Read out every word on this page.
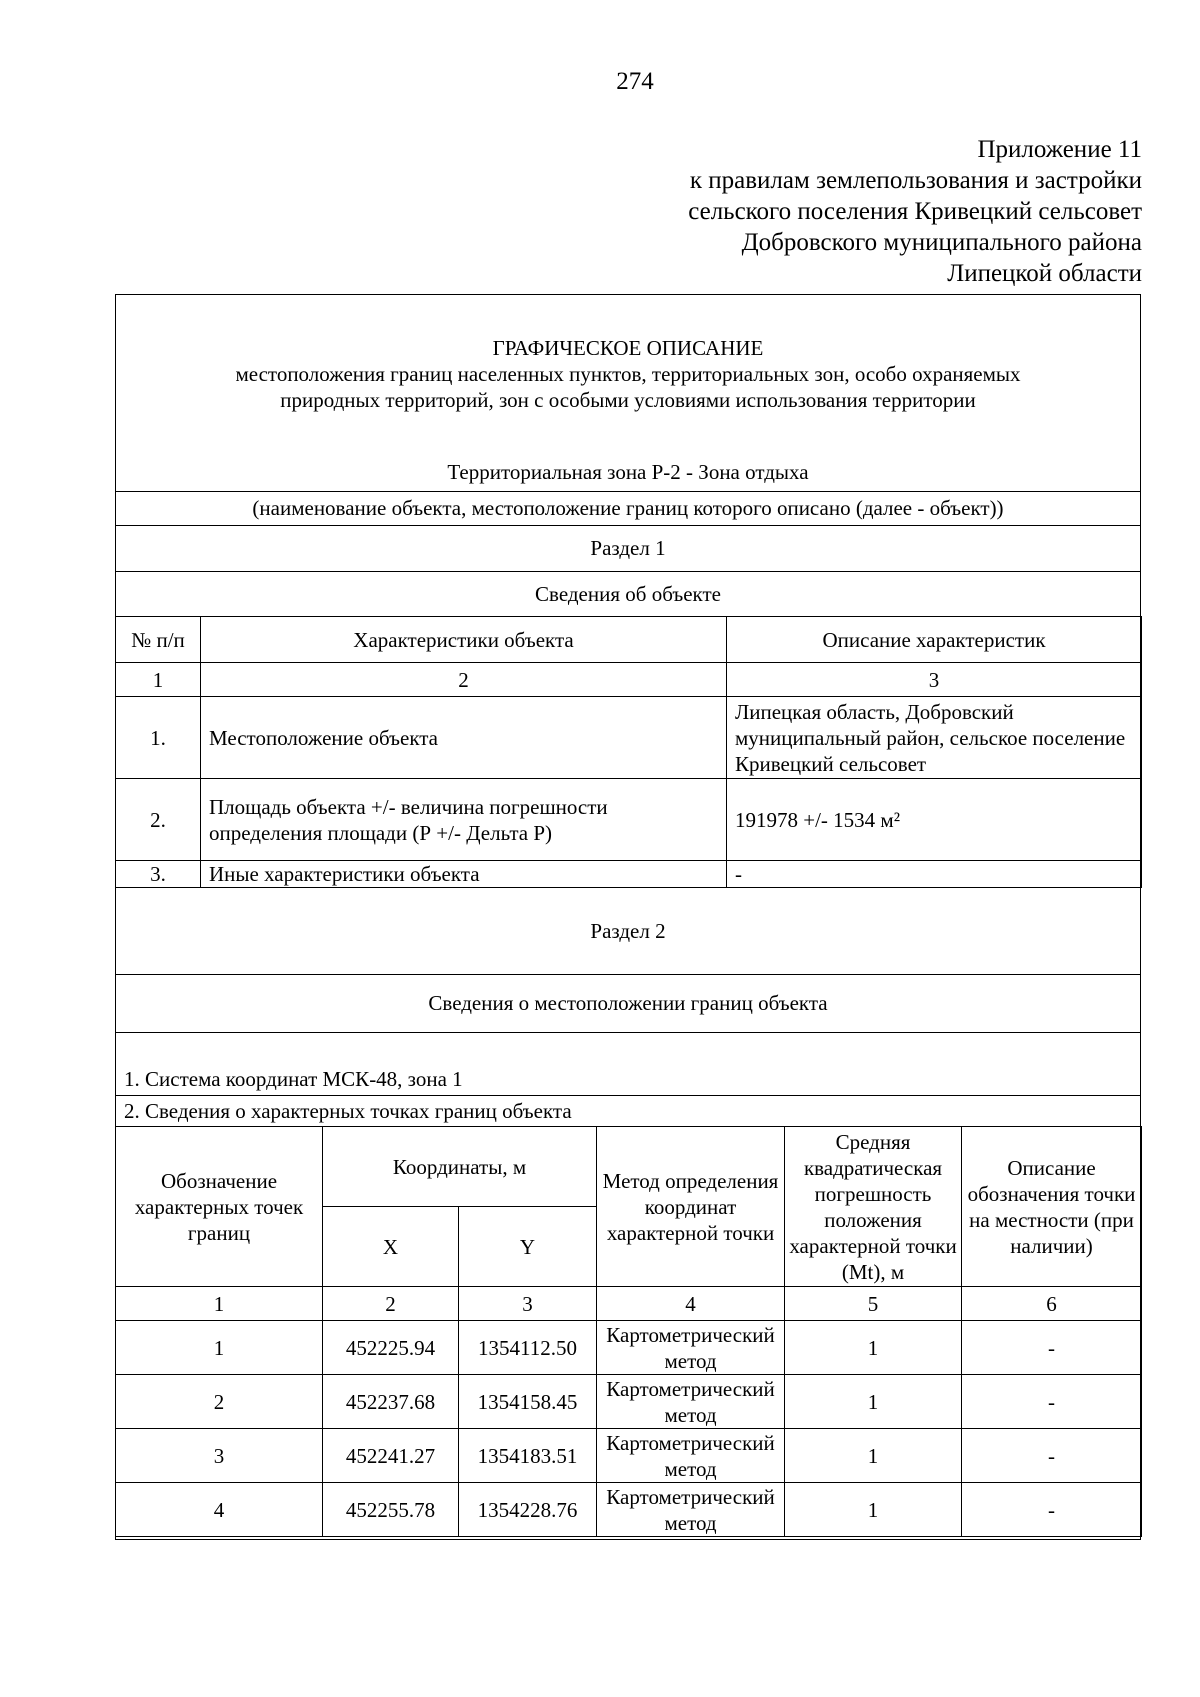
274
Приложение 11
к правилам землепользования и застройки
сельского поселения Кривецкий сельсовет
Добровского муниципального района
Липецкой области
ГРАФИЧЕСКОЕ ОПИСАНИЕ
местоположения границ населенных пунктов, территориальных зон, особо охраняемых
природных территорий, зон с особыми условиями использования территории
Территориальная зона Р-2 - Зона отдыха
(наименование объекта, местоположение границ которого описано (далее - объект))
Раздел 1
Сведения об объекте
№ п/п	Характеристики объекта	Описание характеристик
1	2	3
1.	Местоположение объекта	Липецкая область, Добровский муниципальный район, сельское поселение Кривецкий сельсовет
2.	Площадь объекта +/- величина погрешности определения площади (Р +/- Дельта Р)	191978 +/- 1534 м²
3.	Иные характеристики объекта	-
Раздел 2
Сведения о местоположении границ объекта
1. Система координат МСК-48, зона 1
2. Сведения о характерных точках границ объекта
Обозначение характерных точек границ	Координаты, м		Метод определения координат характерной точки	Средняя квадратическая погрешность положения характерной точки (Mt), м	Описание обозначения точки на местности (при наличии)
	X	Y			
1	2	3	4	5	6
1	452225.94	1354112.50	Картометрический метод	1	-
2	452237.68	1354158.45	Картометрический метод	1	-
3	452241.27	1354183.51	Картометрический метод	1	-
4	452255.78	1354228.76	Картометрический метод	1	-
